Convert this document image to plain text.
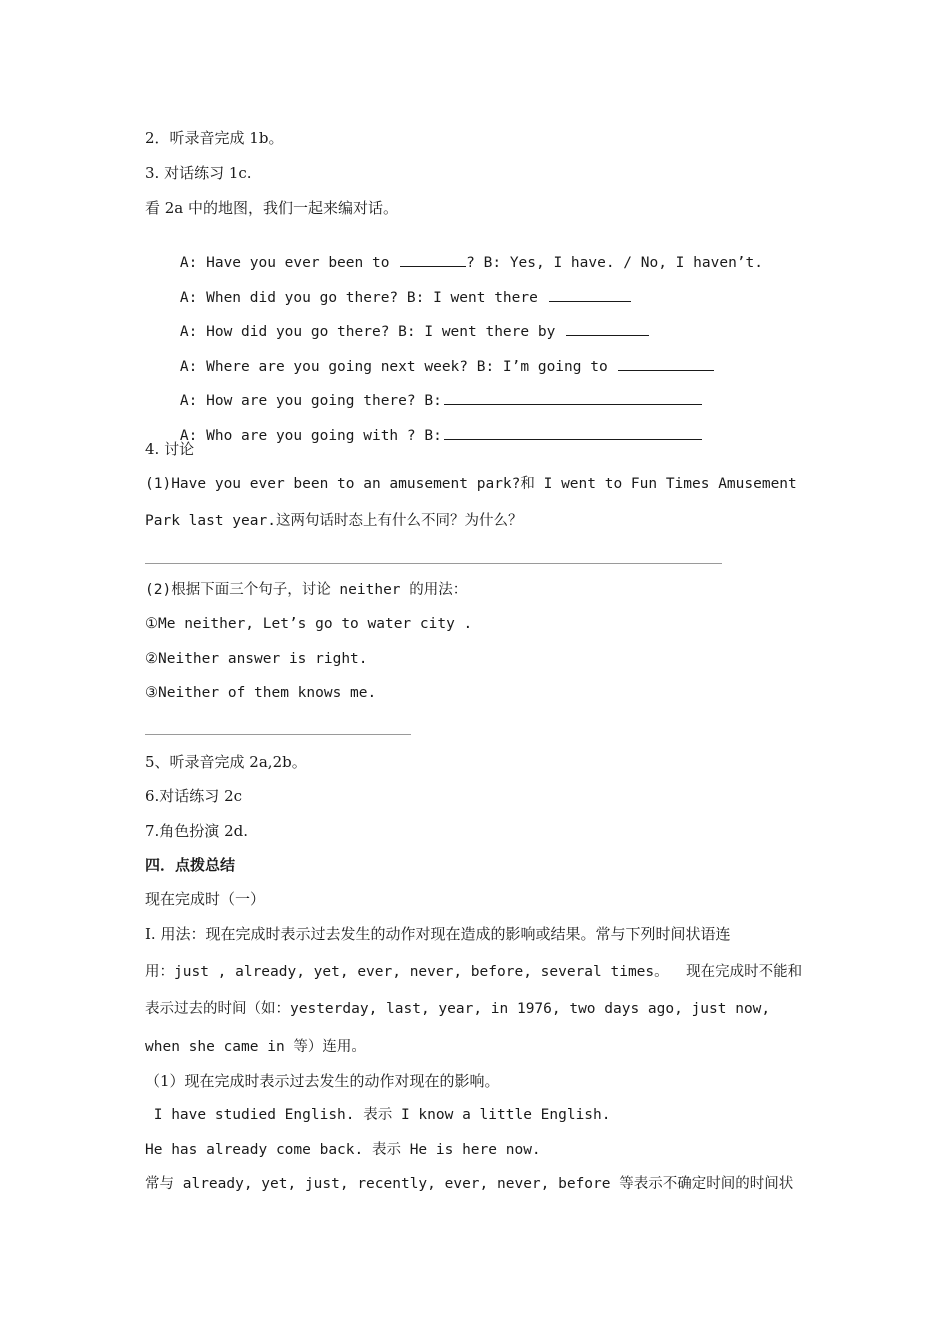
2．听录音完成 1b。
3. 对话练习 1c.
看 2a 中的地图，我们一起来编对话。

A: Have you ever been to	? B: Yes, I have. / No, I haven’t.

A: When did you go there? B: I went there

A: How did you go there? B: I went there by

A: Where are you going next week? B: I’m going to

A: How are you going there? B:

A: Who are you going with ? B:

4. 讨论
(1)Have you ever been to an amusement park?和 I went to Fun Times Amusement
Park last year.这两句话时态上有什么不同？为什么？
(2)根据下面三个句子，讨论 neither 的用法：
①Me neither, Let’s go to water city .
②Neither answer is right.
③Neither of them knows me.
5、听录音完成 2a,2b。
6.对话练习 2c
7.角色扮演 2d.
四．点拨总结
现在完成时（一）
I. 用法：现在完成时表示过去发生的动作对现在造成的影响或结果。常与下列时间状语连
用：just , already, yet, ever, never, before, several times。  现在完成时不能和
表示过去的时间（如：yesterday, last, year, in 1976, two days ago, just now,
when she came in 等）连用。
（1）现在完成时表示过去发生的动作对现在的影响。
I have studied English. 表示 I know a little English.
He has already come back. 表示 He is here now.
常与 already, yet, just, recently, ever, never, before 等表示不确定时间的时间状
